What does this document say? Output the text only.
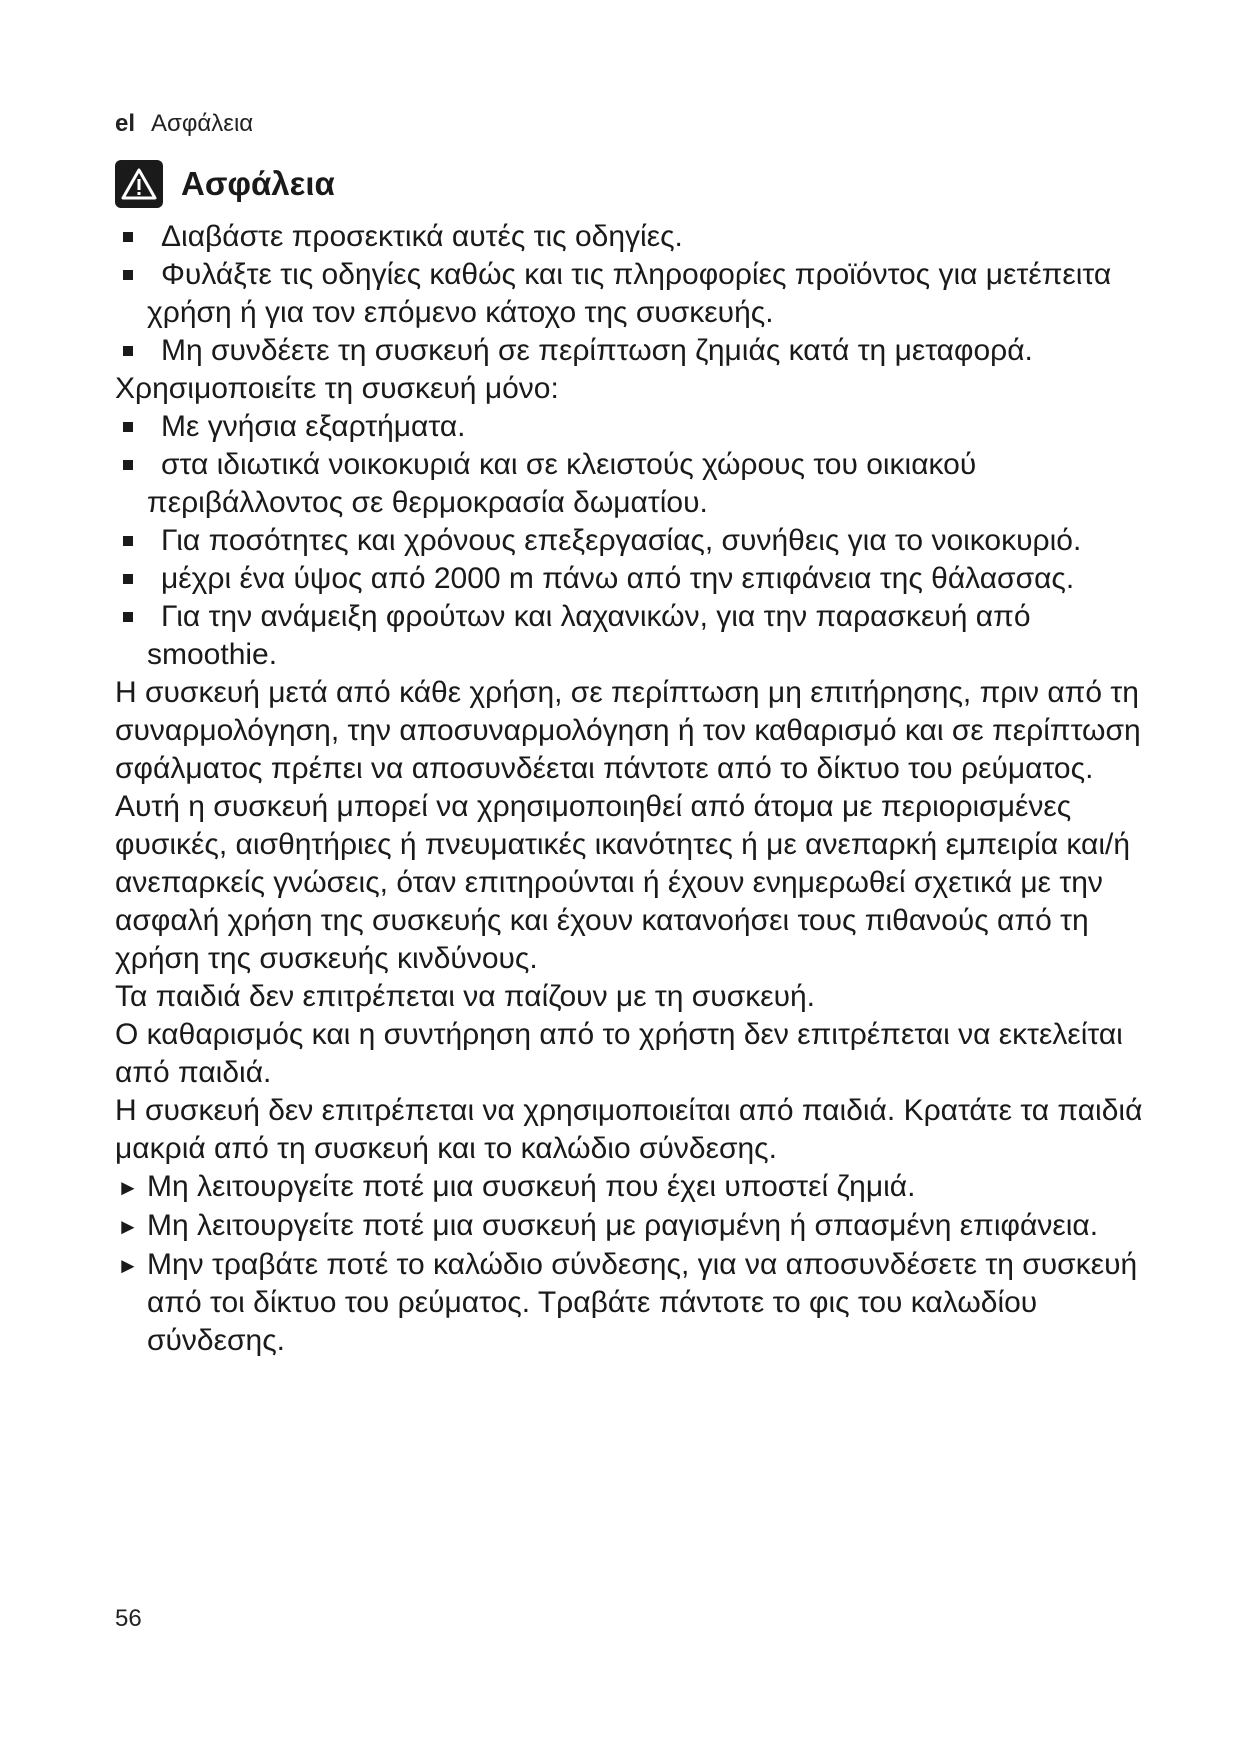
el Ασφάλεια
Ασφάλεια
Διαβάστε προσεκτικά αυτές τις οδηγίες.
Φυλάξτε τις οδηγίες καθώς και τις πληροφορίες προϊόντος για μετέπειτα χρήση ή για τον επόμενο κάτοχο της συσκευής.
Μη συνδέετε τη συσκευή σε περίπτωση ζημιάς κατά τη μεταφορά.

Χρησιμοποιείτε τη συσκευή μόνο:

Με γνήσια εξαρτήματα.
στα ιδιωτικά νοικοκυριά και σε κλειστούς χώρους του οικιακού περιβάλλοντος σε θερμοκρασία δωματίου.
Για ποσότητες και χρόνους επεξεργασίας, συνήθεις για το νοικοκυριό.
μέχρι ένα ύψος από 2000 m πάνω από την επιφάνεια της θάλασσας.
Για την ανάμειξη φρούτων και λαχανικών, για την παρασκευή από smoothie.

Η συσκευή μετά από κάθε χρήση, σε περίπτωση μη επιτήρησης, πριν από τη συναρμολόγηση, την αποσυναρμολόγηση ή τον καθαρισμό και σε περίπτωση σφάλματος πρέπει να αποσυνδέεται πάντοτε από το δίκτυο του ρεύματος.

Αυτή η συσκευή μπορεί να χρησιμοποιηθεί από άτομα με περιορισμένες φυσικές, αισθητήριες ή πνευματικές ικανότητες ή με ανεπαρκή εμπειρία και/ή ανεπαρκείς γνώσεις, όταν επιτηρούνται ή έχουν ενημερωθεί σχετικά με την ασφαλή χρήση της συσκευής και έχουν κατανοήσει τους πιθανούς από τη χρήση της συσκευής κινδύνους.

Τα παιδιά δεν επιτρέπεται να παίζουν με τη συσκευή.

Ο καθαρισμός και η συντήρηση από το χρήστη δεν επιτρέπεται να εκτελείται από παιδιά.

Η συσκευή δεν επιτρέπεται να χρησιμοποιείται από παιδιά. Κρατάτε τα παιδιά μακριά από τη συσκευή και το καλώδιο σύνδεσης.

► Μη λειτουργείτε ποτέ μια συσκευή που έχει υποστεί ζημιά.
► Μη λειτουργείτε ποτέ μια συσκευή με ραγισμένη ή σπασμένη επιφάνεια.
► Μην τραβάτε ποτέ το καλώδιο σύνδεσης, για να αποσυνδέσετε τη συσκευή από τοι δίκτυο του ρεύματος. Τραβάτε πάντοτε το φις του καλωδίου σύνδεσης.
56
